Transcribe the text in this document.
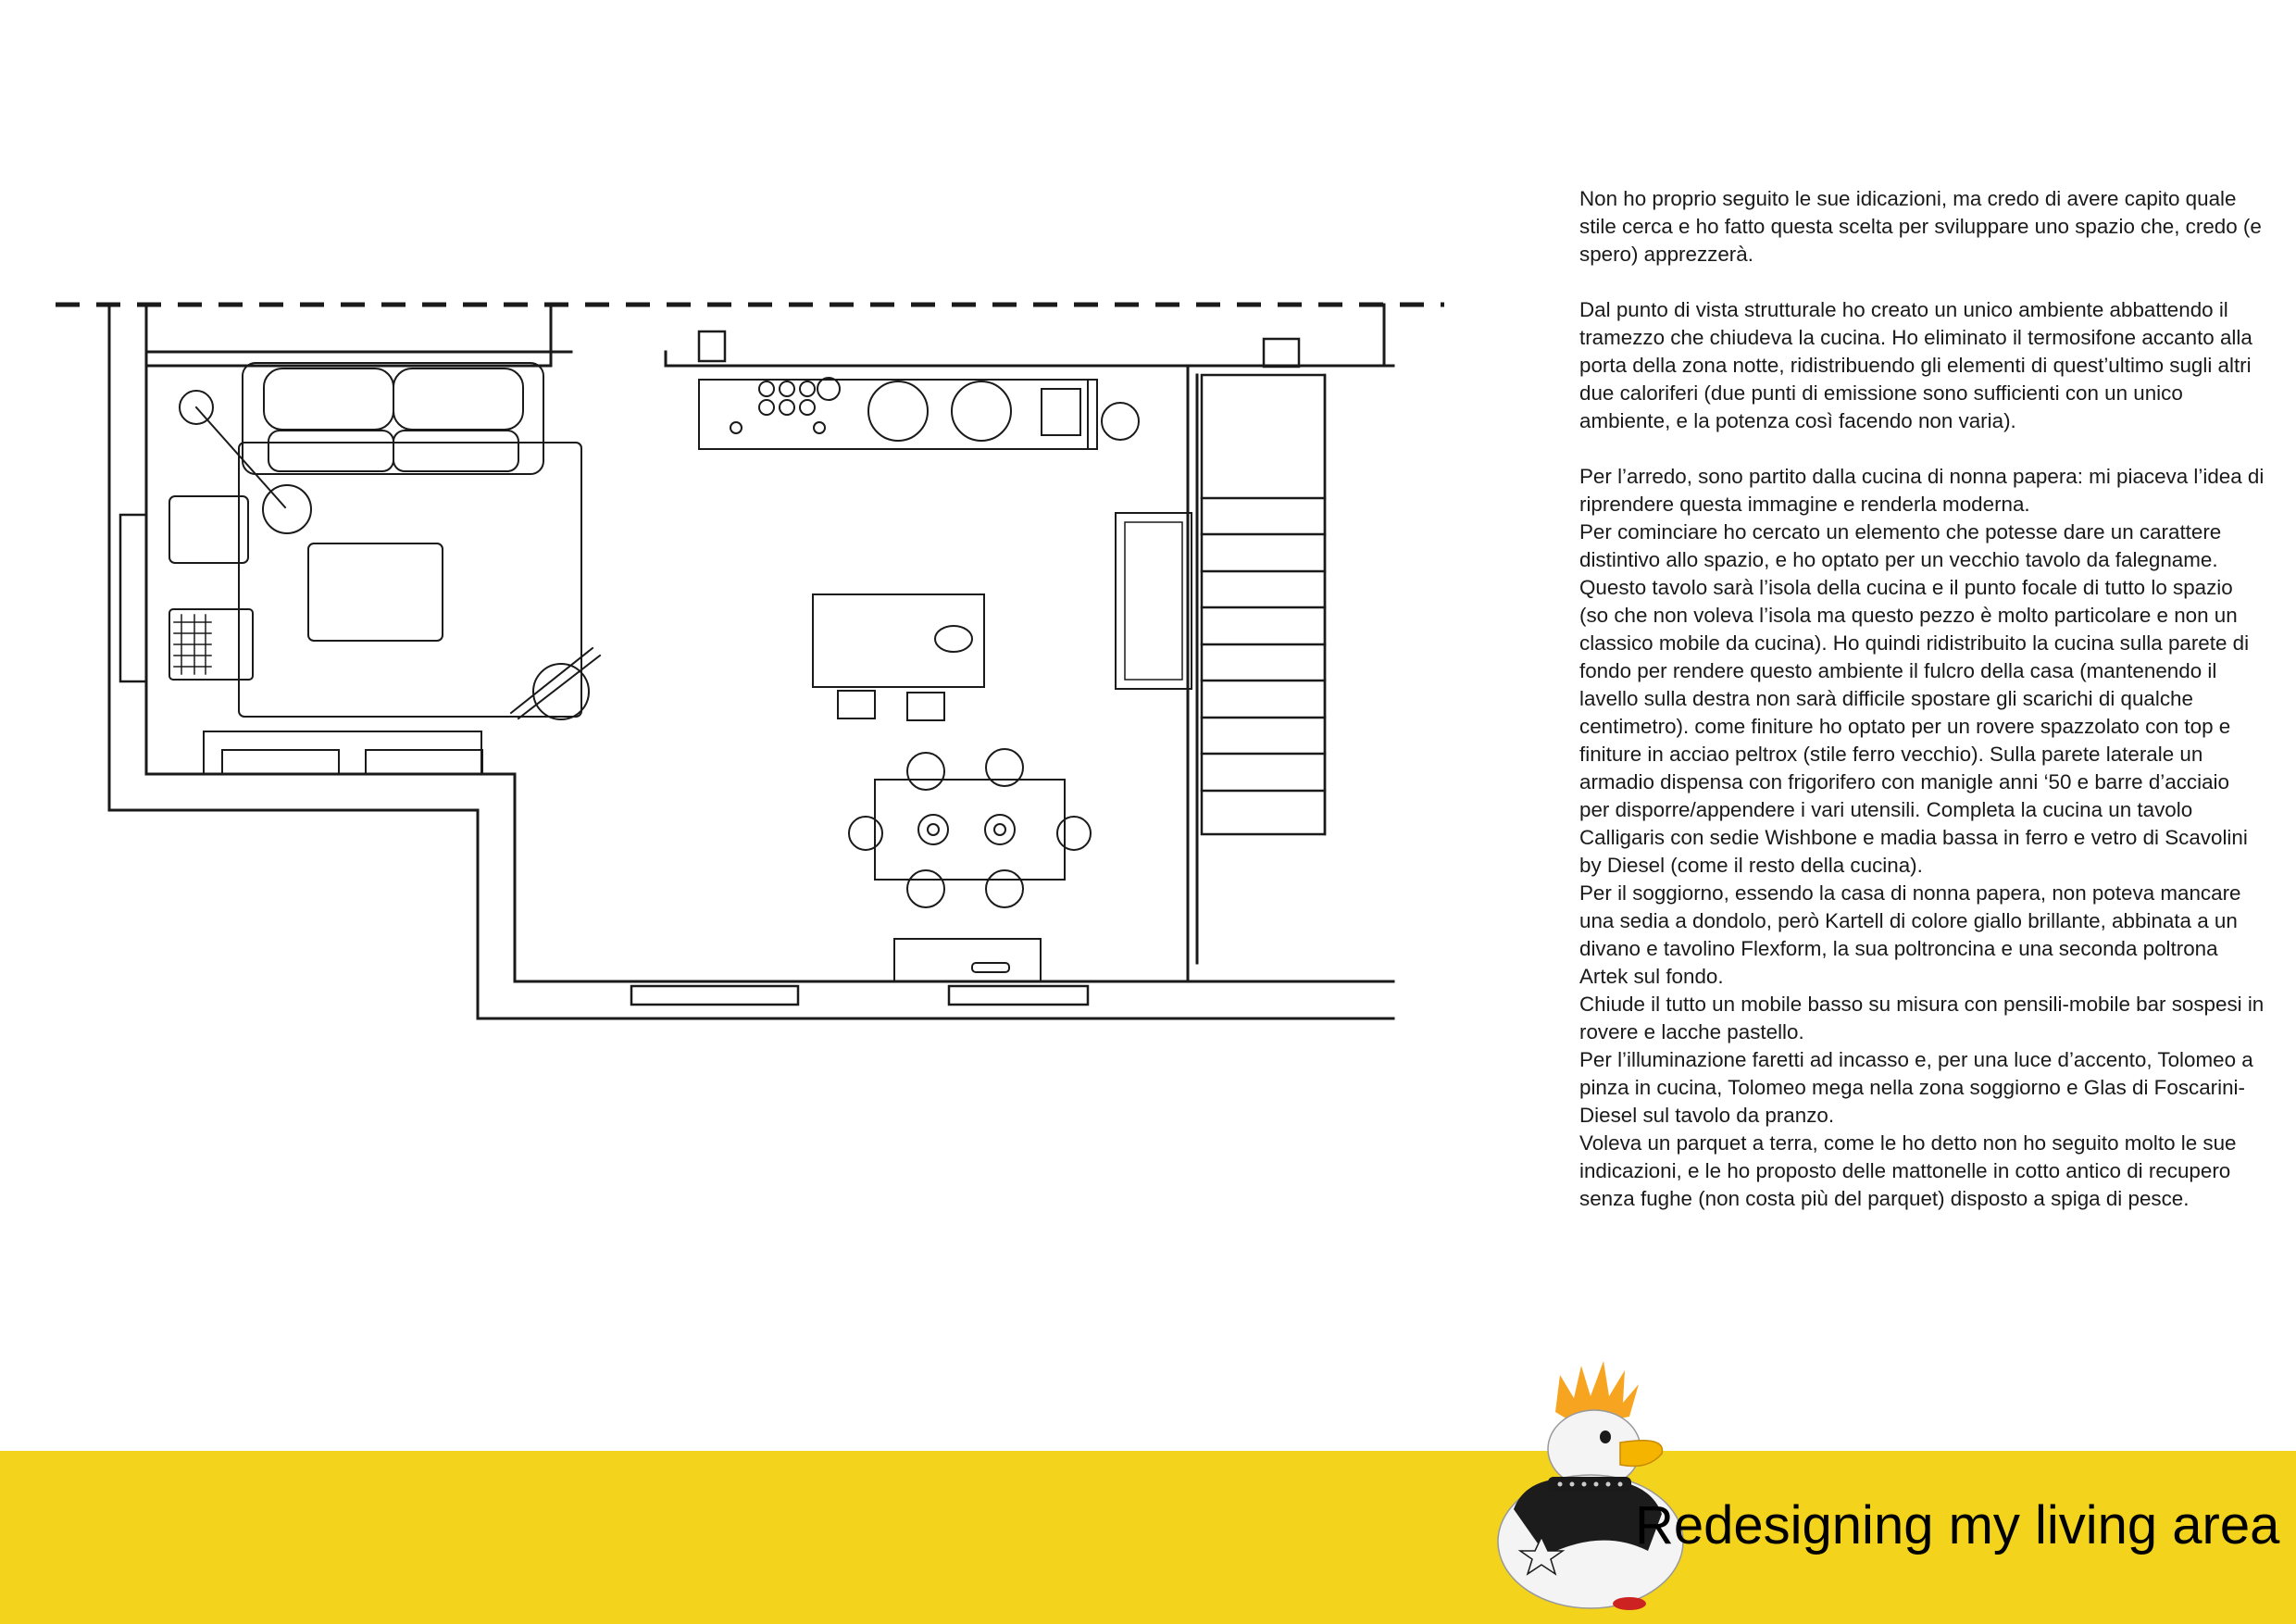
Non ho proprio seguito le sue idicazioni, ma credo di avere capito quale stile cerca e ho fatto questa scelta per sviluppare uno spazio che, credo (e spero) apprezzerà.

Dal punto di vista strutturale ho creato un unico ambiente abbattendo il tramezzo che chiudeva la cucina. Ho eliminato il termosifone accanto alla porta della zona notte, ridistribuendo gli elementi di quest’ultimo sugli altri due caloriferi (due punti di emissione sono sufficienti con un unico ambiente, e la potenza così facendo non varia).

Per l’arredo, sono partito dalla cucina di nonna papera: mi piaceva l’idea di riprendere questa immagine e renderla moderna.
Per cominciare ho cercato un elemento che potesse dare un carattere distintivo allo spazio, e ho optato per un vecchio tavolo da falegname. Questo tavolo sarà l’isola della cucina e il punto focale di tutto lo spazio (so che non voleva l’isola ma questo pezzo è molto particolare e non un classico mobile da cucina). Ho quindi ridistribuito la cucina sulla parete di fondo per rendere questo ambiente il fulcro della casa (mantenendo il lavello sulla destra non sarà difficile spostare gli scarichi di qualche centimetro). come finiture ho optato per un rovere spazzolato con top e finiture in acciao peltrox (stile ferro vecchio). Sulla parete laterale un armadio dispensa con frigorifero con manigle anni ‘50 e barre d’acciaio per disporre/appendere i vari utensili. Completa la cucina un tavolo Calligaris con sedie Wishbone e madia bassa in ferro e vetro di Scavolini by Diesel (come il resto della cucina).

Per il soggiorno, essendo la casa di nonna papera, non poteva mancare una sedia a dondolo, però Kartell di colore giallo brillante, abbinata a un divano e tavolino Flexform, la sua poltroncina e una seconda poltrona Artek sul fondo.

Chiude il tutto un mobile basso su misura con pensili-mobile bar sospesi in rovere e lacche pastello.

Per l’illuminazione faretti ad incasso e, per una luce d’accento, Tolomeo a pinza in cucina, Tolomeo mega nella zona soggiorno e Glas di Foscarini-Diesel sul tavolo da pranzo.

Voleva un parquet a terra, come le ho detto non ho seguito molto le sue indicazioni, e le ho proposto delle mattonelle in cotto antico di recupero senza fughe (non costa più del parquet) disposto a spiga di pesce.

Redesigning my living area
